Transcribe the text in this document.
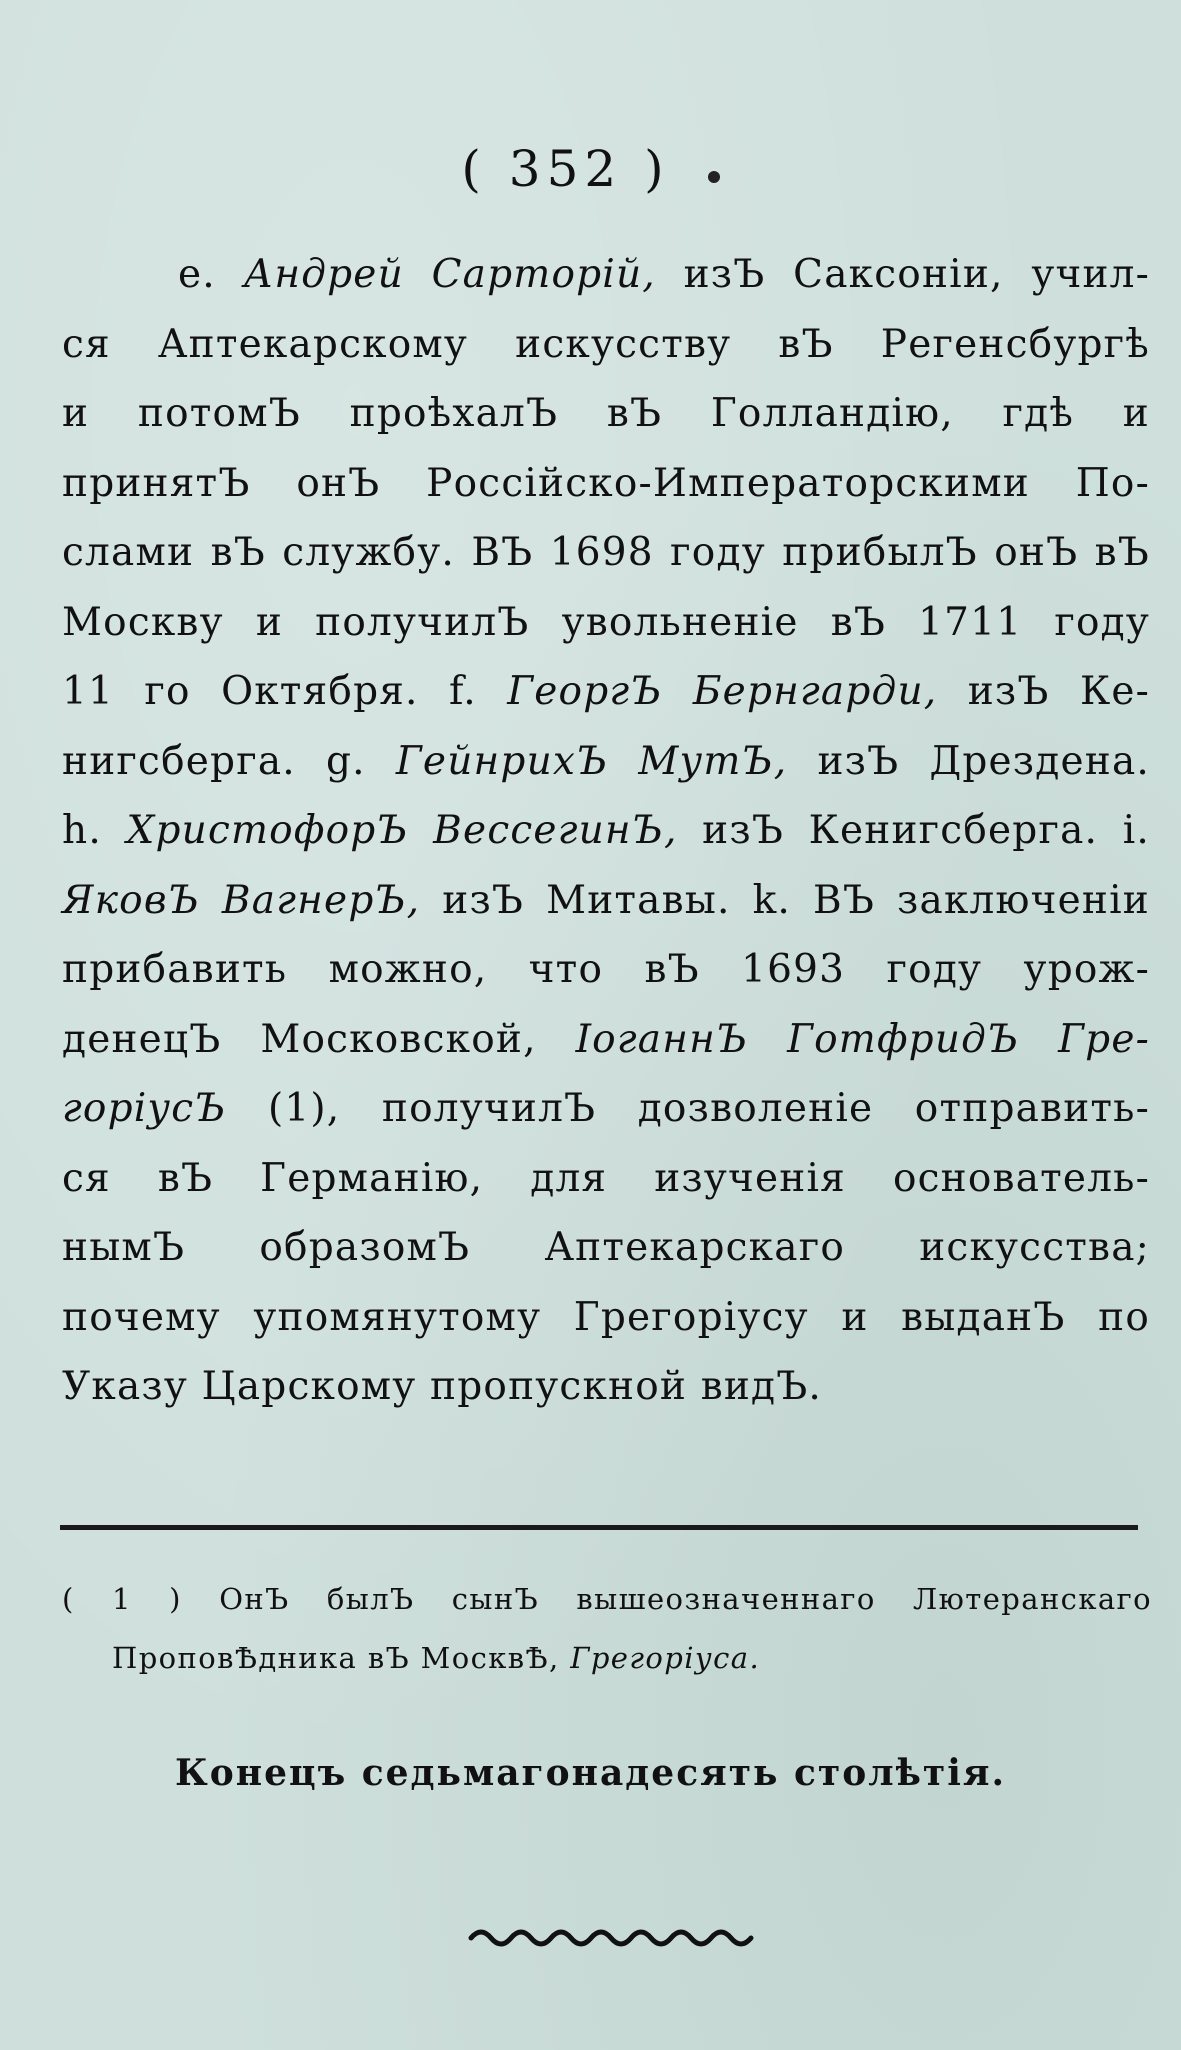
( 352 )
e. Андрей Сарторій, изЪ Саксоніи, учил-
ся Аптекарскому искусству вЪ Регенсбургѣ
и потомЪ проѣхалЪ вЪ Голландію, гдѣ и
принятЪ онЪ Россійско-Императорскими По-
слами вЪ службу. ВЪ 1698 году прибылЪ онЪ вЪ
Москву и получилЪ увольненіе вЪ 1711 году
11 го Октября. f. ГеоргЪ Бернгарди, изЪ Ке-
нигсберга. g. ГейнрихЪ МутЪ, изЪ Дрездена.
h. ХристофорЪ ВессегинЪ, изЪ Кенигсберга. i.
ЯковЪ ВагнерЪ, изЪ Митавы. k. ВЪ заключеніи
прибавить можно, что вЪ 1693 году урож-
денецЪ Московской, ІоганнЪ ГотфридЪ Гре-
горіусЪ (1), получилЪ дозволеніе отправить-
ся вЪ Германію, для изученія основатель-
нымЪ образомЪ Аптекарскаго искусства;
почему упомянутому Грегоріусу и выданЪ по
Указу Царскому пропускной видЪ.
( 1 ) ОнЪ былЪ сынЪ вышеозначеннаго Лютеранскаго
ПроповѢдника вЪ МосквѢ, Грегоріуса.
Конецъ седьмагонадесять столѣтія.
